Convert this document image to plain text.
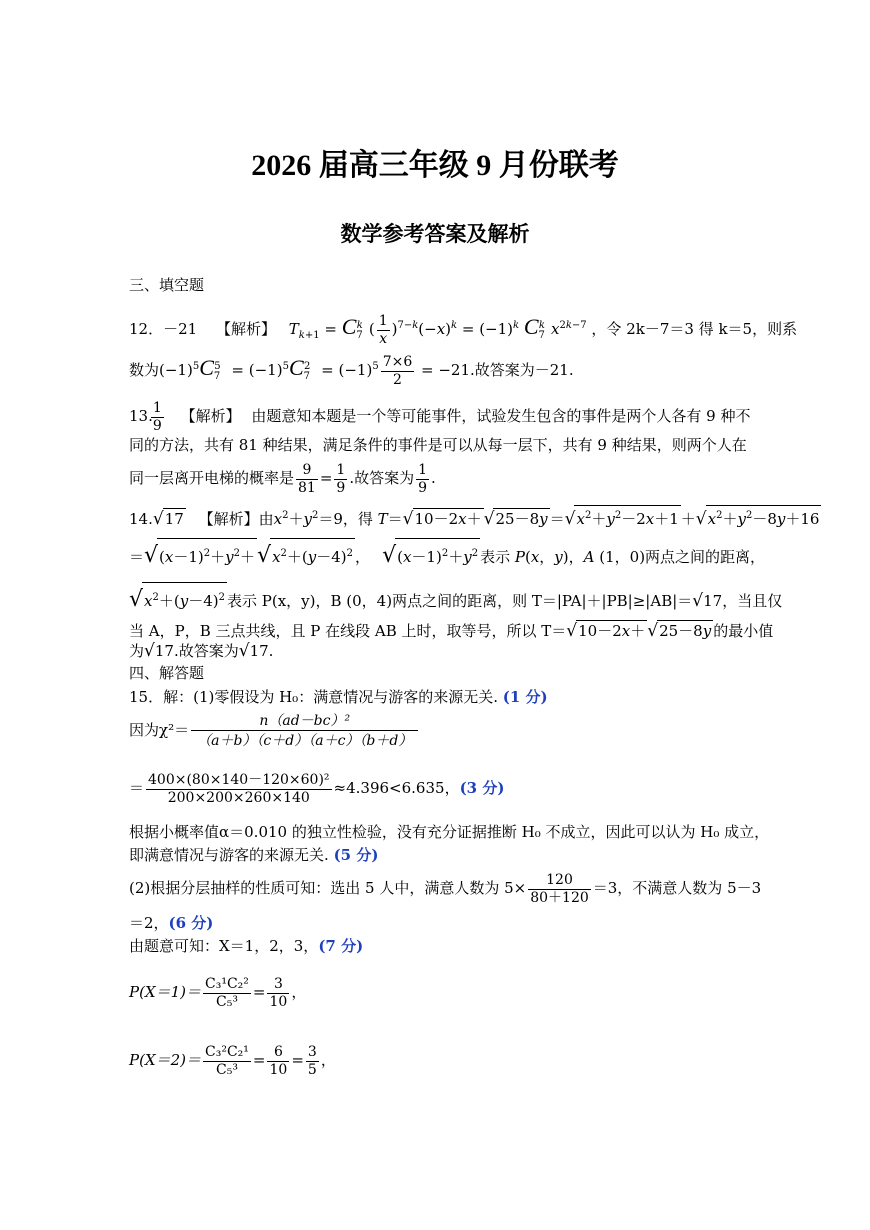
2026 届高三年级 9 月份联考
数学参考答案及解析
三、填空题
12．－21 【解析】 $T_{k+1} = C_7^k$ ( $\frac{1}{x} )^{7-k}(-x)^k = (-1)^k$ $C_7^k$ $x^{2k-7}$ ，令 2k－7＝3 得 k＝5，则系
数为$(-1)^5C_7^5 = (-1)^5C_7^2 = (-1)^5 \frac{7\times 6}{2} = -21$.故答案为－21.
13.
$\frac{1}{9}$ 【解析】 由题意知本题是一个等可能事件，试验发生包含的事件是两个人各有 9 种不
同的方法，共有 81 种结果，满足条件的事件是可以从每一层下，共有 9 种结果，则两个人在
同一层离开电梯的概率是 $\frac{9}{81} = \frac{1}{9}$ .故答案为 $\frac{1}{9}$ .
14.√17 【解析】由$x^2+y^2=9$，得 $T=√10-2x+ √25-8y =√x^2+y^2-2x+1 +√x^2+y^2-8y+16$
$=√(x-1)^2+y^2+√x^2+(y-4)^2$ ， $√(x-1)^2+y^2$ 表示 P(x，y)，A (1，0)两点之间的距离，
$√x^2+(y-4)^2$ 表示 P(x，y)，B (0，4)两点之间的距离，则 T＝|PA|＋|PB|≥|AB|＝√17，当且仅
当 A，P，B 三点共线，且 P 在线段 AB 上时，取等号，所以 T＝√10－2x＋ √25－8y 的最小值
为√17.故答案为√17.
四、解答题
15．解：(1)零假设为 H₀：满意情况与游客的来源无关. (1 分)
因为$\chi^2= \frac{\text{n（ad－bc）²}}{(a+b)(c+d)(a+c)(b+d)}$
＝ $\frac{\text{400×(80×140－120×60)²}}{200\times 200\times 260\times 140} \approx 4.396<6.635$，(3 分)
根据小概率值α＝0.010 的独立性检验，没有充分证据推断 H₀ 不成立，因此可以认为 H₀ 成立，
即满意情况与游客的来源无关. (5 分)
(2)根据分层抽样的性质可知：选出 5 人中，满意人数为 $5\times \frac{120}{80+120} =3$，不满意人数为 5－3
＝2，(6 分)
由题意可知：X＝1，2，3，(7 分)
$P(X=1)= \frac{\text{C₃¹C₂²}}{\text{C₅³}} = \frac{3}{10}$ ，
$P(X=2)= \frac{\text{C₃²C₂¹}}{\text{C₅³}} = \frac{6}{10} = \frac{3}{5}$ ，
